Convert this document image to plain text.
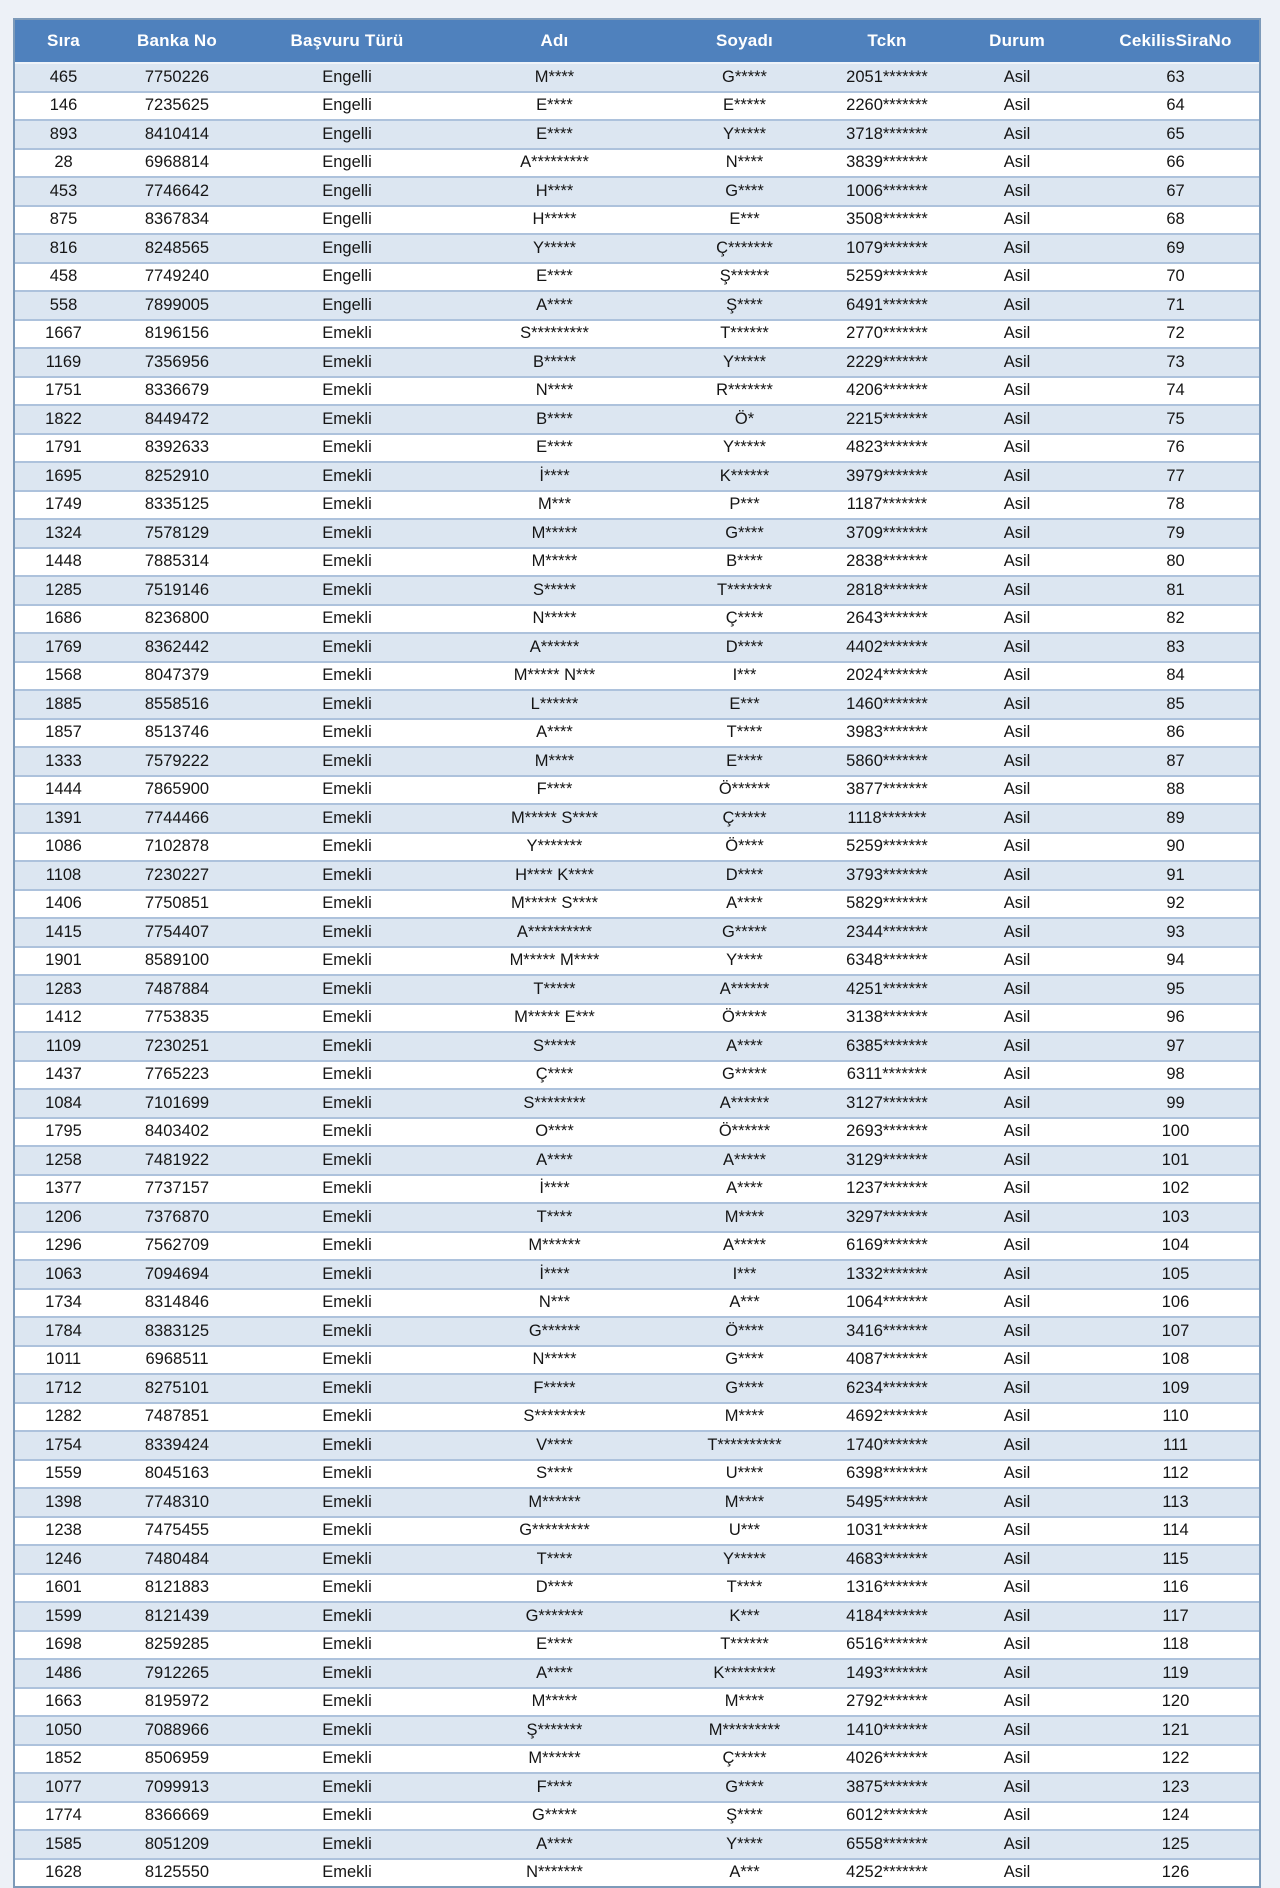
Sıra	Banka No	Başvuru Türü	Adı	Soyadı	Tckn	Durum	CekilisSiraNo
465	7750226	Engelli	M****	G*****	2051*******	Asil	63
146	7235625	Engelli	E****	E*****	2260*******	Asil	64
893	8410414	Engelli	E****	Y*****	3718*******	Asil	65
28	6968814	Engelli	A*********	N****	3839*******	Asil	66
453	7746642	Engelli	H****	G****	1006*******	Asil	67
875	8367834	Engelli	H*****	E***	3508*******	Asil	68
816	8248565	Engelli	Y*****	Ç*******	1079*******	Asil	69
458	7749240	Engelli	E****	Ş******	5259*******	Asil	70
558	7899005	Engelli	A****	Ş****	6491*******	Asil	71
1667	8196156	Emekli	S*********	T******	2770*******	Asil	72
1169	7356956	Emekli	B*****	Y*****	2229*******	Asil	73
1751	8336679	Emekli	N****	R*******	4206*******	Asil	74
1822	8449472	Emekli	B****	Ö*	2215*******	Asil	75
1791	8392633	Emekli	E****	Y*****	4823*******	Asil	76
1695	8252910	Emekli	İ****	K******	3979*******	Asil	77
1749	8335125	Emekli	M***	P***	1187*******	Asil	78
1324	7578129	Emekli	M*****	G****	3709*******	Asil	79
1448	7885314	Emekli	M*****	B****	2838*******	Asil	80
1285	7519146	Emekli	S*****	T*******	2818*******	Asil	81
1686	8236800	Emekli	N*****	Ç****	2643*******	Asil	82
1769	8362442	Emekli	A******	D****	4402*******	Asil	83
1568	8047379	Emekli	M***** N***	I***	2024*******	Asil	84
1885	8558516	Emekli	L******	E***	1460*******	Asil	85
1857	8513746	Emekli	A****	T****	3983*******	Asil	86
1333	7579222	Emekli	M****	E****	5860*******	Asil	87
1444	7865900	Emekli	F****	Ö******	3877*******	Asil	88
1391	7744466	Emekli	M***** S****	Ç*****	1118*******	Asil	89
1086	7102878	Emekli	Y*******	Ö****	5259*******	Asil	90
1108	7230227	Emekli	H**** K****	D****	3793*******	Asil	91
1406	7750851	Emekli	M***** S****	A****	5829*******	Asil	92
1415	7754407	Emekli	A**********	G*****	2344*******	Asil	93
1901	8589100	Emekli	M***** M****	Y****	6348*******	Asil	94
1283	7487884	Emekli	T*****	A******	4251*******	Asil	95
1412	7753835	Emekli	M***** E***	Ö*****	3138*******	Asil	96
1109	7230251	Emekli	S*****	A****	6385*******	Asil	97
1437	7765223	Emekli	Ç****	G*****	6311*******	Asil	98
1084	7101699	Emekli	S********	A******	3127*******	Asil	99
1795	8403402	Emekli	O****	Ö******	2693*******	Asil	100
1258	7481922	Emekli	A****	A*****	3129*******	Asil	101
1377	7737157	Emekli	İ****	A****	1237*******	Asil	102
1206	7376870	Emekli	T****	M****	3297*******	Asil	103
1296	7562709	Emekli	M******	A*****	6169*******	Asil	104
1063	7094694	Emekli	İ****	I***	1332*******	Asil	105
1734	8314846	Emekli	N***	A***	1064*******	Asil	106
1784	8383125	Emekli	G******	Ö****	3416*******	Asil	107
1011	6968511	Emekli	N*****	G****	4087*******	Asil	108
1712	8275101	Emekli	F*****	G****	6234*******	Asil	109
1282	7487851	Emekli	S********	M****	4692*******	Asil	110
1754	8339424	Emekli	V****	T**********	1740*******	Asil	111
1559	8045163	Emekli	S****	U****	6398*******	Asil	112
1398	7748310	Emekli	M******	M****	5495*******	Asil	113
1238	7475455	Emekli	G*********	U***	1031*******	Asil	114
1246	7480484	Emekli	T****	Y*****	4683*******	Asil	115
1601	8121883	Emekli	D****	T****	1316*******	Asil	116
1599	8121439	Emekli	G*******	K***	4184*******	Asil	117
1698	8259285	Emekli	E****	T******	6516*******	Asil	118
1486	7912265	Emekli	A****	K********	1493*******	Asil	119
1663	8195972	Emekli	M*****	M****	2792*******	Asil	120
1050	7088966	Emekli	Ş*******	M*********	1410*******	Asil	121
1852	8506959	Emekli	M******	Ç*****	4026*******	Asil	122
1077	7099913	Emekli	F****	G****	3875*******	Asil	123
1774	8366669	Emekli	G*****	Ş****	6012*******	Asil	124
1585	8051209	Emekli	A****	Y****	6558*******	Asil	125
1628	8125550	Emekli	N*******	A***	4252*******	Asil	126
